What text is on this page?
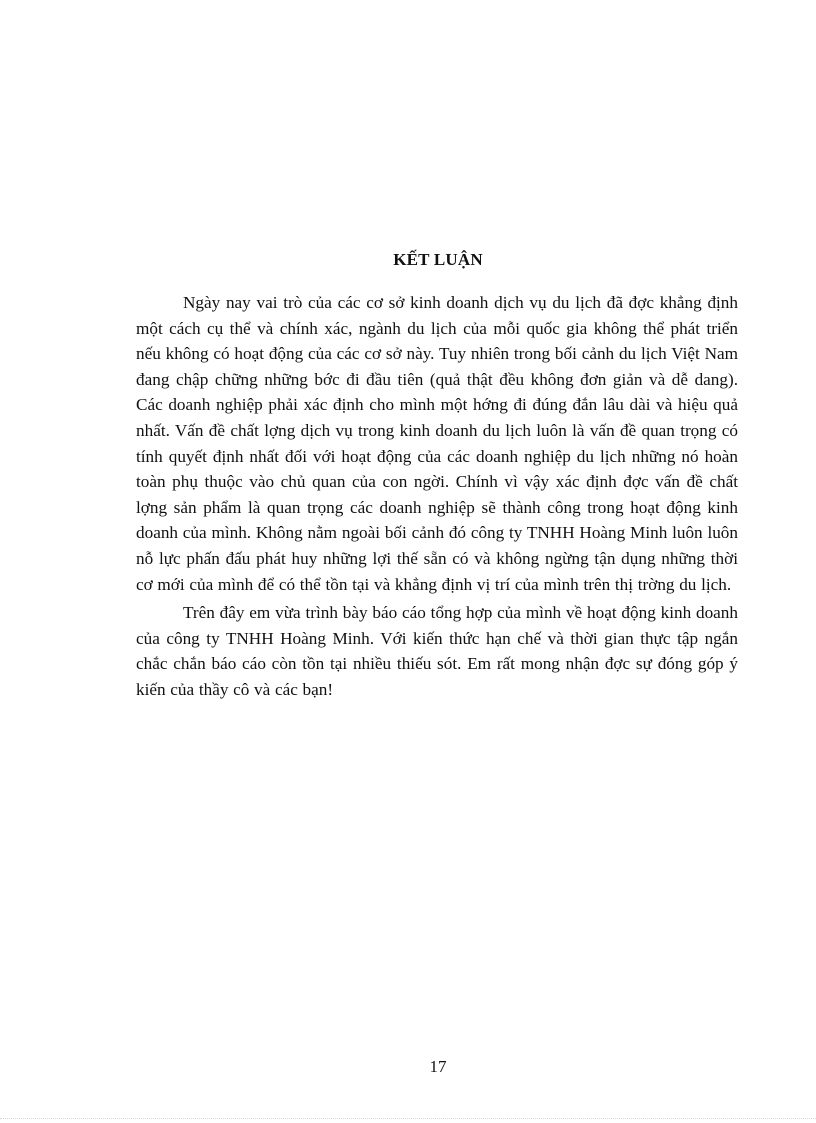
KẾT LUẬN

Ngày nay vai trò của các cơ sở kinh doanh dịch vụ du lịch đã đợc khẳng định một cách cụ thể và chính xác, ngành du lịch của mỗi quốc gia không thể phát triển nếu không có hoạt động của các cơ sở này. Tuy nhiên trong bối cảnh du lịch Việt Nam đang chập chững những bớc đi đầu tiên (quả thật đều không đơn giản và dễ dang). Các doanh nghiệp phải xác định cho mình một hớng đi đúng đắn lâu dài và hiệu quả nhất. Vấn đề chất lợng dịch vụ trong kinh doanh du lịch luôn là vấn đề quan trọng có tính quyết định nhất đối với hoạt động của các doanh nghiệp du lịch những nó hoàn toàn phụ thuộc vào chủ quan của con ngời. Chính vì vậy xác định đợc vấn đề chất lợng sản phẩm là quan trọng các doanh nghiệp sẽ thành công trong hoạt động kinh doanh của mình. Không nằm ngoài bối cảnh đó công ty TNHH Hoàng Minh luôn luôn nỗ lực phấn đấu phát huy những lợi thế sẵn có và không ngừng tận dụng những thời cơ mới của mình để có thể tồn tại và khẳng định vị trí của mình trên thị trờng du lịch.

Trên đây em vừa trình bày báo cáo tổng hợp của mình về hoạt động kinh doanh của công ty TNHH Hoàng Minh. Với kiến thức hạn chế và thời gian thực tập ngắn chắc chắn báo cáo còn tồn tại nhiều thiếu sót. Em rất mong nhận đợc sự đóng góp ý kiến của thầy cô và các bạn!

17
